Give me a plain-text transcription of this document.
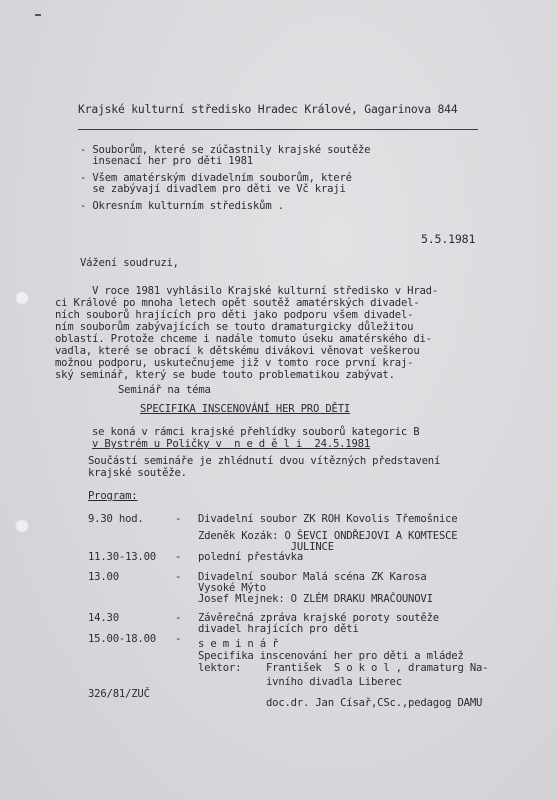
Krajské kulturní středisko Hradec Králové, Gagarinova 844
- Souborům, které se zúčastnily krajské soutěže
insenací her pro děti 1981
- Všem amatérským divadelním souborům, které
se zabývají divadlem pro děti ve Vč kraji
- Okresním kulturním střediskům .
5.5.1981
Vážení soudruzi,
V roce 1981 vyhlásilo Krajské kulturní středisko v Hrad-
ci Králové po mnoha letech opět soutěž amatérských divadel-
ních souborů hrajících pro děti jako podporu všem divadel-
ním souborům zabývajících se touto dramaturgicky důležitou
oblastí. Protože chceme i nadále tomuto úseku amatérského di-
vadla, které se obrací k dětskému divákovi věnovat veškerou
možnou podporu, uskutečnujeme již v tomto roce první kraj-
ský seminář, který se bude touto problematikou zabývat.
Seminář na téma
SPECIFIKA INSCENOVÁNÍ HER PRO DĚTI
se koná v rámci krajské přehlídky souborů kategoric B
v Bystrém u Poličky v  n e d ě l i  24.5.1981
Součástí semináře je zhlédnutí dvou vítězných představení
krajské soutěže.
Program:
9.30 hod.	- Divadelní soubor ZK ROH Kovolis Třemošnice
Zdeněk Kozák: O ŠEVCI ONDŘEJOVI A KOMTESCE
JULINCE
11.30-13.00 - polední přestávka
13.00	- Divadelní soubor Malá scéna ZK Karosa
Vysoké Mýto
Josef Mlejnek: O ZLÉM DRAKU MRAČOUNOVI
14.30	- Závěrečná zpráva krajské poroty soutěže
divadel hrajících pro děti
15.00-18.00 - s e m i n á ř
Specifika inscenování her pro děti a mládež
lektor:    František  S o k o l , dramaturg Na-
ivního divadla Liberec
doc.dr. Jan Císař,CSc.,pedagog DAMU
326/81/ZUČ
